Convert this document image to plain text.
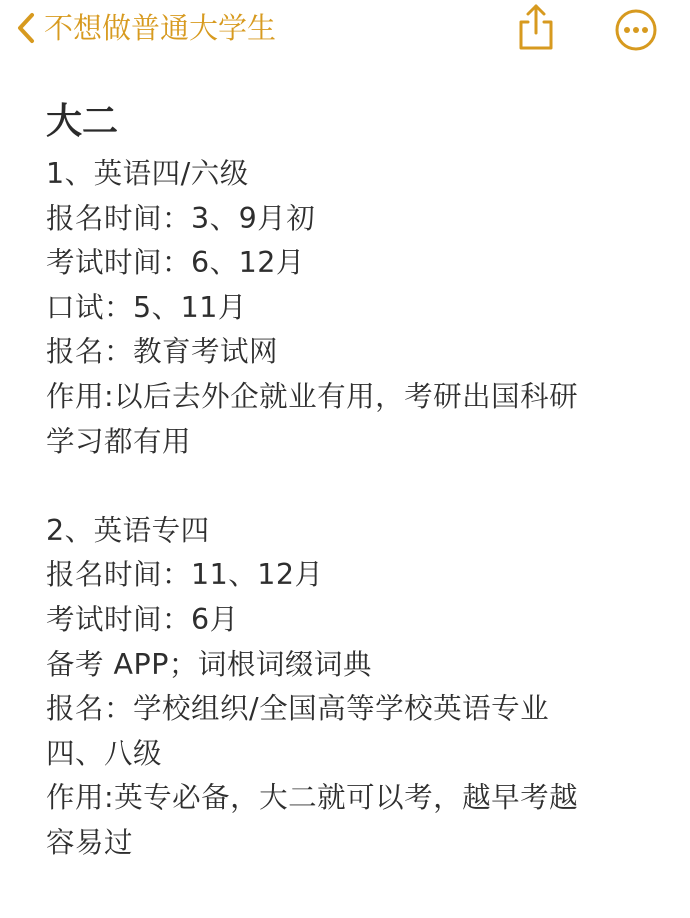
不想做普通大学生

大二

1、英语四/六级

报名时间：3、9月初

考试时间：6、12月

口试：5、11月

报名：教育考试网

作用:以后去外企就业有用，考研出国科研

学习都有用

2、英语专四

报名时间：11、12月

考试时间：6月

备考 APP；词根词缀词典

报名：学校组织/全国高等学校英语专业

四、八级

作用:英专必备，大二就可以考，越早考越

容易过
